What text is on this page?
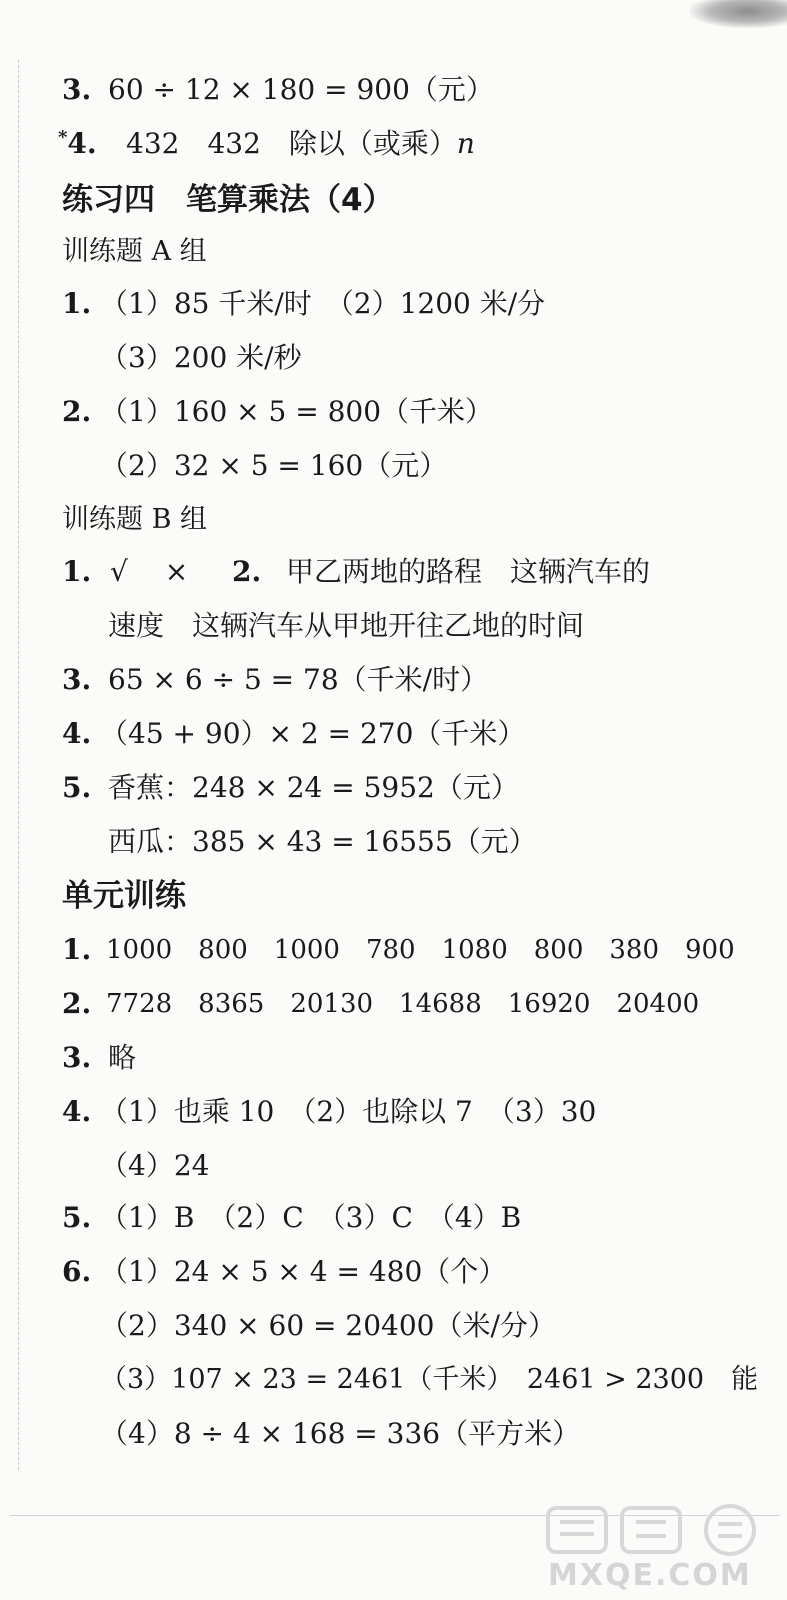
3. 60 ÷ 12 × 180 = 900（元）
*4. 432　432　除以（或乘）n
练习四　笔算乘法（4）
训练题 A 组
1. （1）85 千米/时　（2）1200 米/分
（3）200 米/秒
2. （1）160 × 5 = 800（千米）
（2）32 × 5 = 160（元）
训练题 B 组
1. √　 ×　 2. 甲乙两地的路程　这辆汽车的
速度　这辆汽车从甲地开往乙地的时间
3. 65 × 6 ÷ 5 = 78（千米/时）
4. （45 + 90）× 2 = 270（千米）
5. 香蕉：248 × 24 = 5952（元）
西瓜：385 × 43 = 16555（元）
单元训练
1. 1000　800　1000　780　1080　800　380　900
2. 7728　8365　20130　14688　16920　20400
3. 略
4. （1）也乘 10　（2）也除以 7　（3）30
（4）24
5. （1）B　（2）C　（3）C　（4）B
6. （1）24 × 5 × 4 = 480（个）
（2）340 × 60 = 20400（米/分）
（3）107 × 23 = 2461（千米）　2461 > 2300　能
（4）8 ÷ 4 × 168 = 336（平方米）
MXQE.COM
